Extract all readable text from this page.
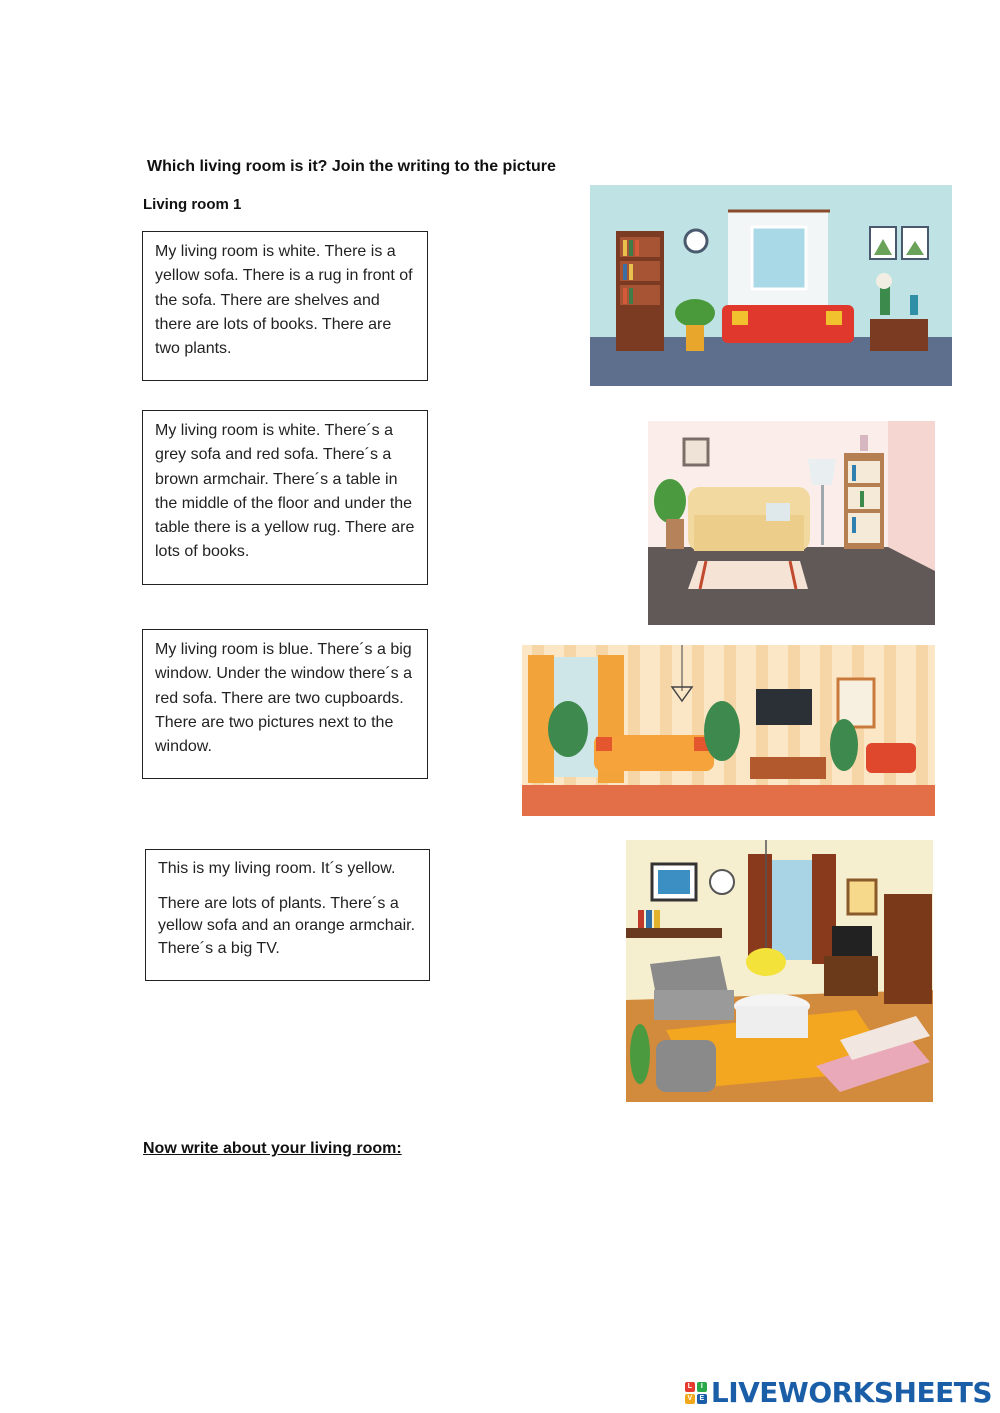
Which living room is it? Join the writing to the picture
Living room 1
My living room is white. There is a yellow sofa. There is a rug in front of the sofa. There are shelves and there are lots of books. There are two plants.
My living room is white. There´s a grey sofa and red sofa. There´s a brown armchair. There´s a table in the middle of the floor and under the table there is a yellow rug. There are lots of books.
My living room is blue. There´s a big window. Under the window there´s a red sofa. There are two cupboards. There are two pictures next to the window.

This is my living room. It´s yellow.

There are lots of plants. There´s a yellow sofa and an orange armchair. There´s a big TV.

Now write about your living room:
L	I
V	E LIVEWORKSHEETS
